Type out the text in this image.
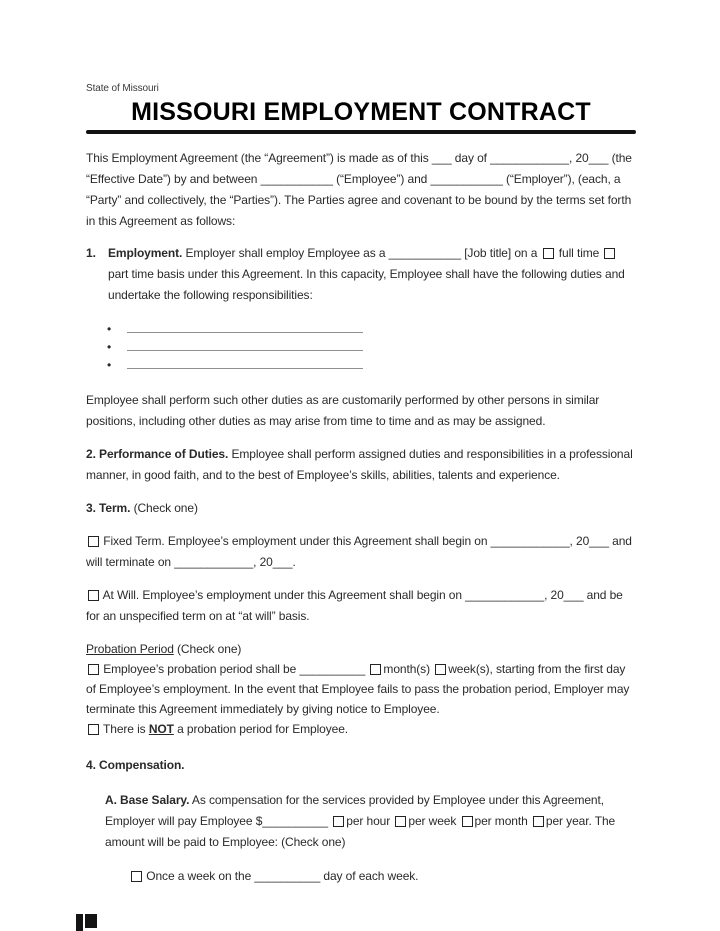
State of Missouri
MISSOURI EMPLOYMENT CONTRACT

This Employment Agreement (the “Agreement”) is made as of this ___ day of ____________, 20___ (the “Effective Date”) by and between ___________ (“Employee”) and ___________ (“Employer”), (each, a “Party” and collectively, the “Parties”). The Parties agree and covenant to be bound by the terms set forth in this Agreement as follows:

1.	Employment. Employer shall employ Employee as a ___________ [Job title] on a full time  part time basis under this Agreement. In this capacity, Employee shall have the following duties and undertake the following responsibilities:
•
•
•

Employee shall perform such other duties as are customarily performed by other persons in similar positions, including other duties as may arise from time to time and as may be assigned.

2. Performance of Duties. Employee shall perform assigned duties and responsibilities in a professional manner, in good faith, and to the best of Employee’s skills, abilities, talents and experience.

3. Term. (Check one)

Fixed Term. Employee’s employment under this Agreement shall begin on ____________, 20___ and will terminate on ____________, 20___.

At Will. Employee’s employment under this Agreement shall begin on ____________, 20___ and be for an unspecified term on at “at will” basis.

Probation Period (Check one)
Employee’s probation period shall be __________ month(s) week(s), starting from the first day of Employee’s employment. In the event that Employee fails to pass the probation period, Employer may terminate this Agreement immediately by giving notice to Employee.
There is NOT a probation period for Employee.

4. Compensation.

A. Base Salary. As compensation for the services provided by Employee under this Agreement, Employer will pay Employee $__________ per hour per week per month per year. The amount will be paid to Employee: (Check one)

Once a week on the __________ day of each week.
